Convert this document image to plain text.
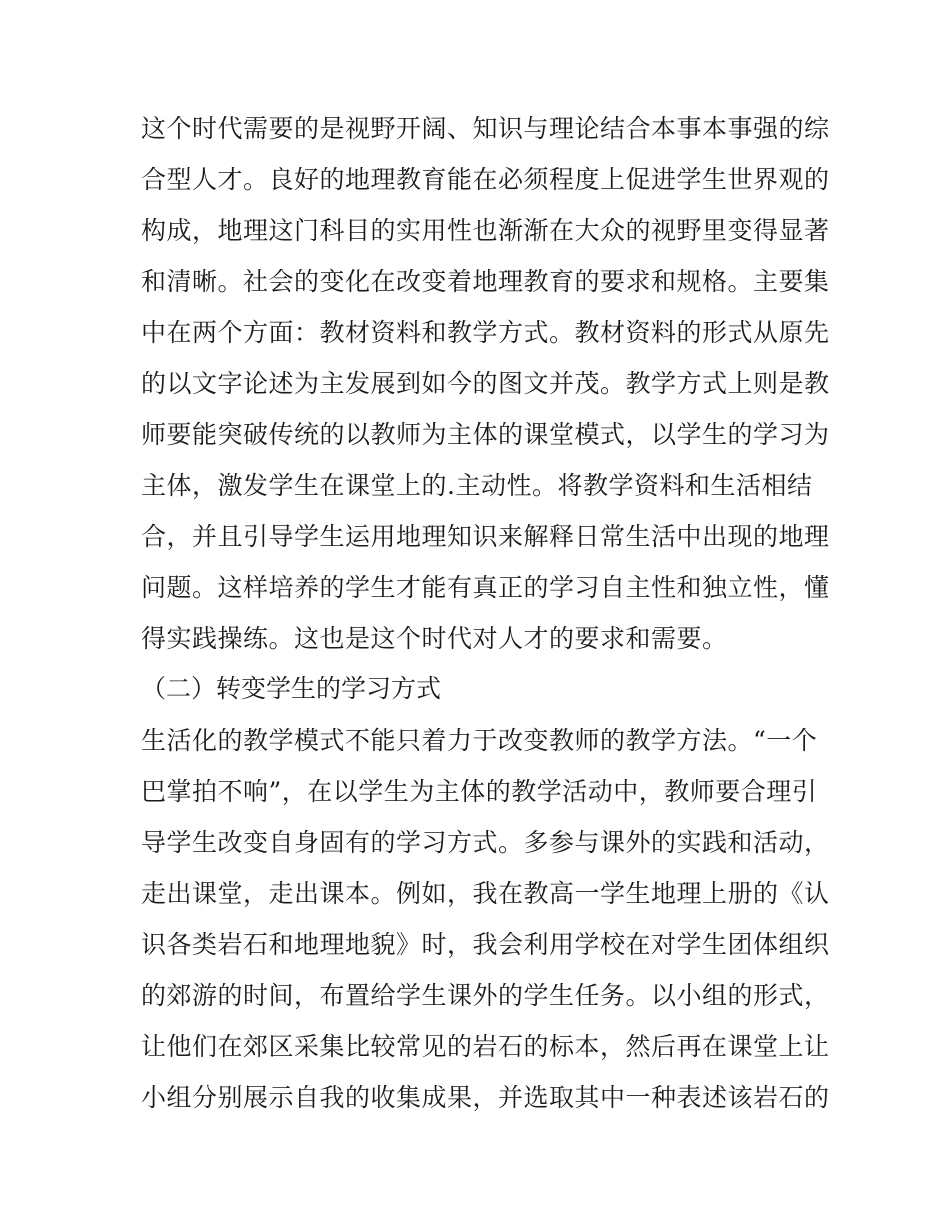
这个时代需要的是视野开阔、知识与理论结合本事本事强的综
合型人才。良好的地理教育能在必须程度上促进学生世界观的
构成，地理这门科目的实用性也渐渐在大众的视野里变得显著
和清晰。社会的变化在改变着地理教育的要求和规格。主要集
中在两个方面：教材资料和教学方式。教材资料的形式从原先
的以文字论述为主发展到如今的图文并茂。教学方式上则是教
师要能突破传统的以教师为主体的课堂模式，以学生的学习为
主体，激发学生在课堂上的.主动性。将教学资料和生活相结
合，并且引导学生运用地理知识来解释日常生活中出现的地理
问题。这样培养的学生才能有真正的学习自主性和独立性，懂
得实践操练。这也是这个时代对人才的要求和需要。
（二）转变学生的学习方式
生活化的教学模式不能只着力于改变教师的教学方法。“一个
巴掌拍不响”，在以学生为主体的教学活动中，教师要合理引
导学生改变自身固有的学习方式。多参与课外的实践和活动，
走出课堂，走出课本。例如，我在教高一学生地理上册的《认
识各类岩石和地理地貌》时，我会利用学校在对学生团体组织
的郊游的时间，布置给学生课外的学生任务。以小组的形式，
让他们在郊区采集比较常见的岩石的标本，然后再在课堂上让
小组分别展示自我的收集成果，并选取其中一种表述该岩石的
